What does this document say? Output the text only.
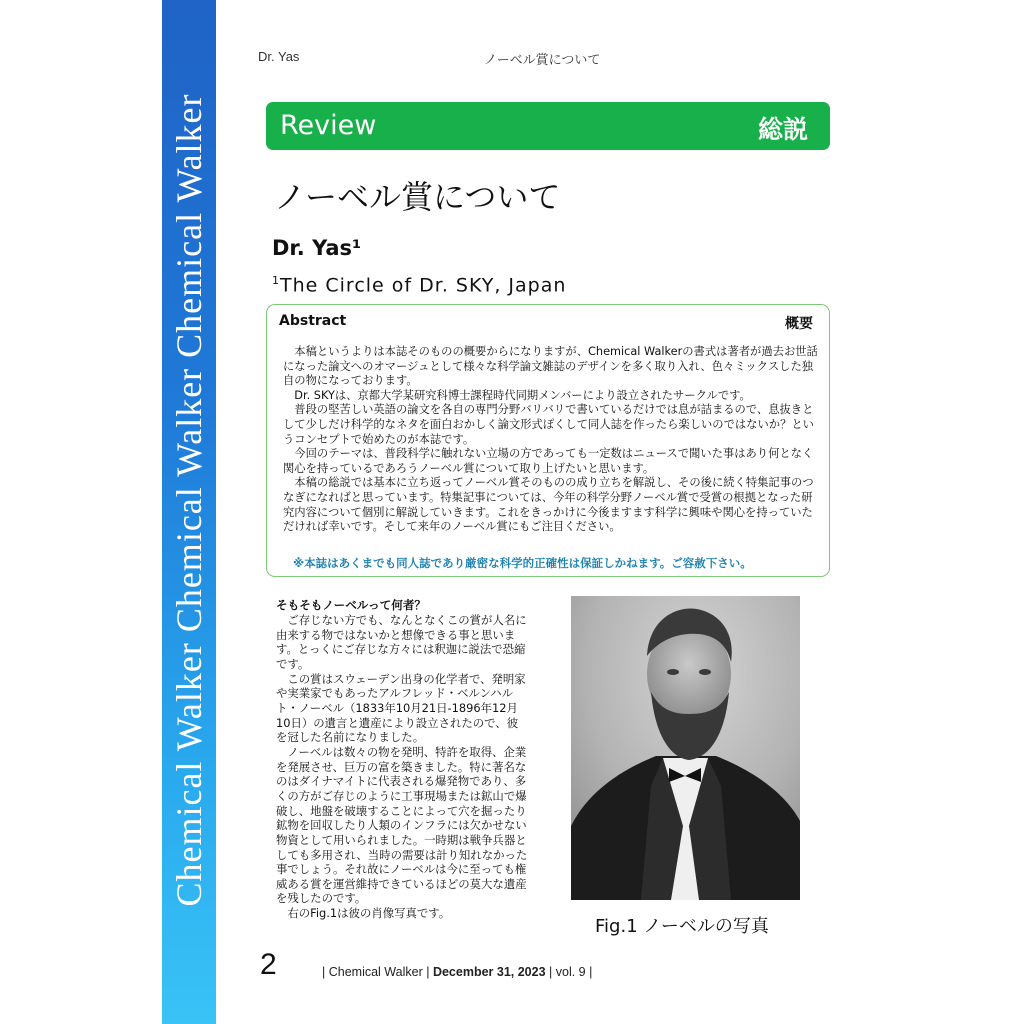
Chemical Walker Chemical Walker Chemical Walker
Dr. Yas	ノーベル賞について
Review	総説
ノーベル賞について
Dr. Yas¹
$^1$The Circle of Dr. SKY, Japan
Abstract	概要

本稿というよりは本誌そのものの概要からになりますが、Chemical Walkerの書式は著者が過去お世話になった論文へのオマージュとして様々な科学論文雑誌のデザインを多く取り入れ、色々ミックスした独自の物になっております。

Dr. SKYは、京都大学某研究科博士課程時代同期メンバーにより設立されたサークルです。

普段の堅苦しい英語の論文を各自の専門分野バリバリで書いているだけでは息が詰まるので、息抜きとして少しだけ科学的なネタを面白おかしく論文形式ぽくして同人誌を作ったら楽しいのではないか？というコンセプトで始めたのが本誌です。

今回のテーマは、普段科学に触れない立場の方であっても一定数はニュースで聞いた事はあり何となく関心を持っているであろうノーベル賞について取り上げたいと思います。

本稿の総説では基本に立ち返ってノーベル賞そのものの成り立ちを解説し、その後に続く特集記事のつなぎになればと思っています。特集記事については、今年の科学分野ノーベル賞で受賞の根拠となった研究内容について個別に解説していきます。これをきっかけに今後ますます科学に興味や関心を持っていただければ幸いです。そして来年のノーベル賞にもご注目ください。

※本誌はあくまでも同人誌であり厳密な科学的正確性は保証しかねます。ご容赦下さい。
そもそもノーベルって何者？

ご存じない方でも、なんとなくこの賞が人名に由来する物ではないかと想像できる事と思います。とっくにご存じな方々には釈迦に説法で恐縮です。

この賞はスウェーデン出身の化学者で、発明家や実業家でもあったアルフレッド・ベルンハルト・ノーベル（1833年10月21日-1896年12月10日）の遺言と遺産により設立されたので、彼を冠した名前になりました。

ノーベルは数々の物を発明、特許を取得、企業を発展させ、巨万の富を築きました。特に著名なのはダイナマイトに代表される爆発物であり、多くの方がご存じのように工事現場または鉱山で爆破し、地盤を破壊することによって穴を掘ったり鉱物を回収したり人類のインフラには欠かせない物資として用いられました。一時期は戦争兵器としても多用され、当時の需要は計り知れなかった事でしょう。それ故にノーベルは今に至っても権威ある賞を運営維持できているほどの莫大な遺産を残したのです。

右のFig.1は彼の肖像写真です。

Fig.1 ノーベルの写真
2	| Chemical Walker | December 31, 2023 | vol. 9 |
